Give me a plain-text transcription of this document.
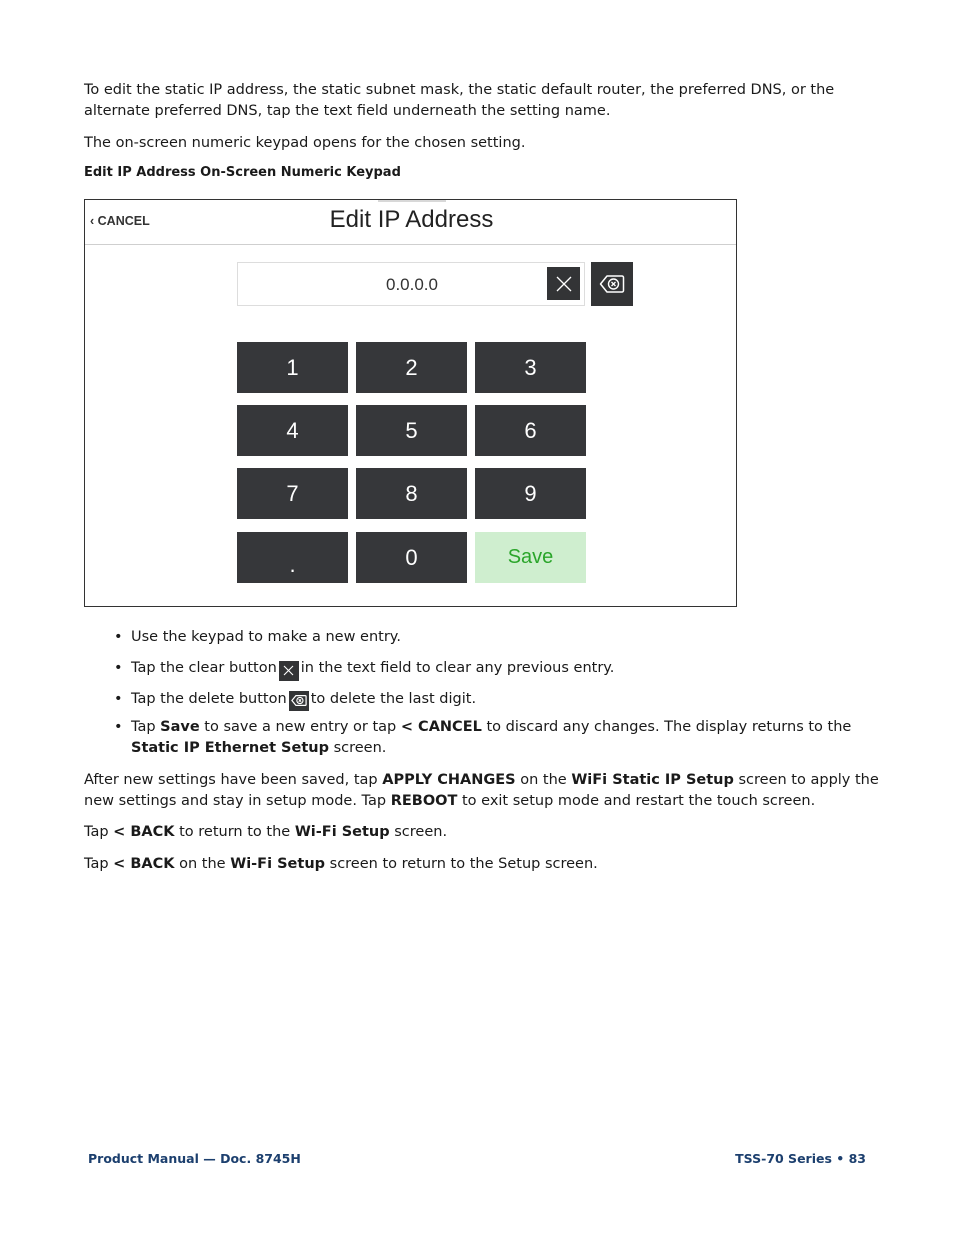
To edit the static IP address, the static subnet mask, the static default router, the preferred DNS, or the alternate preferred DNS, tap the text field underneath the setting name.

The on-screen numeric keypad opens for the chosen setting.

Edit IP Address On-Screen Numeric Keypad

‹ CANCEL	Edit IP Address
0.0.0.0
1	2	3
4	5	6
7	8	9
.	0	Save
• Use the keypad to make a new entry.
• Tap the clear button in the text field to clear any previous entry.
• Tap the delete button to delete the last digit.
• Tap Save to save a new entry or tap < CANCEL to discard any changes. The display returns to the Static IP Ethernet Setup screen.

After new settings have been saved, tap APPLY CHANGES on the WiFi Static IP Setup screen to apply the new settings and stay in setup mode. Tap REBOOT to exit setup mode and restart the touch screen.

Tap < BACK to return to the Wi-Fi Setup screen.

Tap < BACK on the Wi-Fi Setup screen to return to the Setup screen.

Product Manual — Doc. 8745H	TSS-70 Series • 83
